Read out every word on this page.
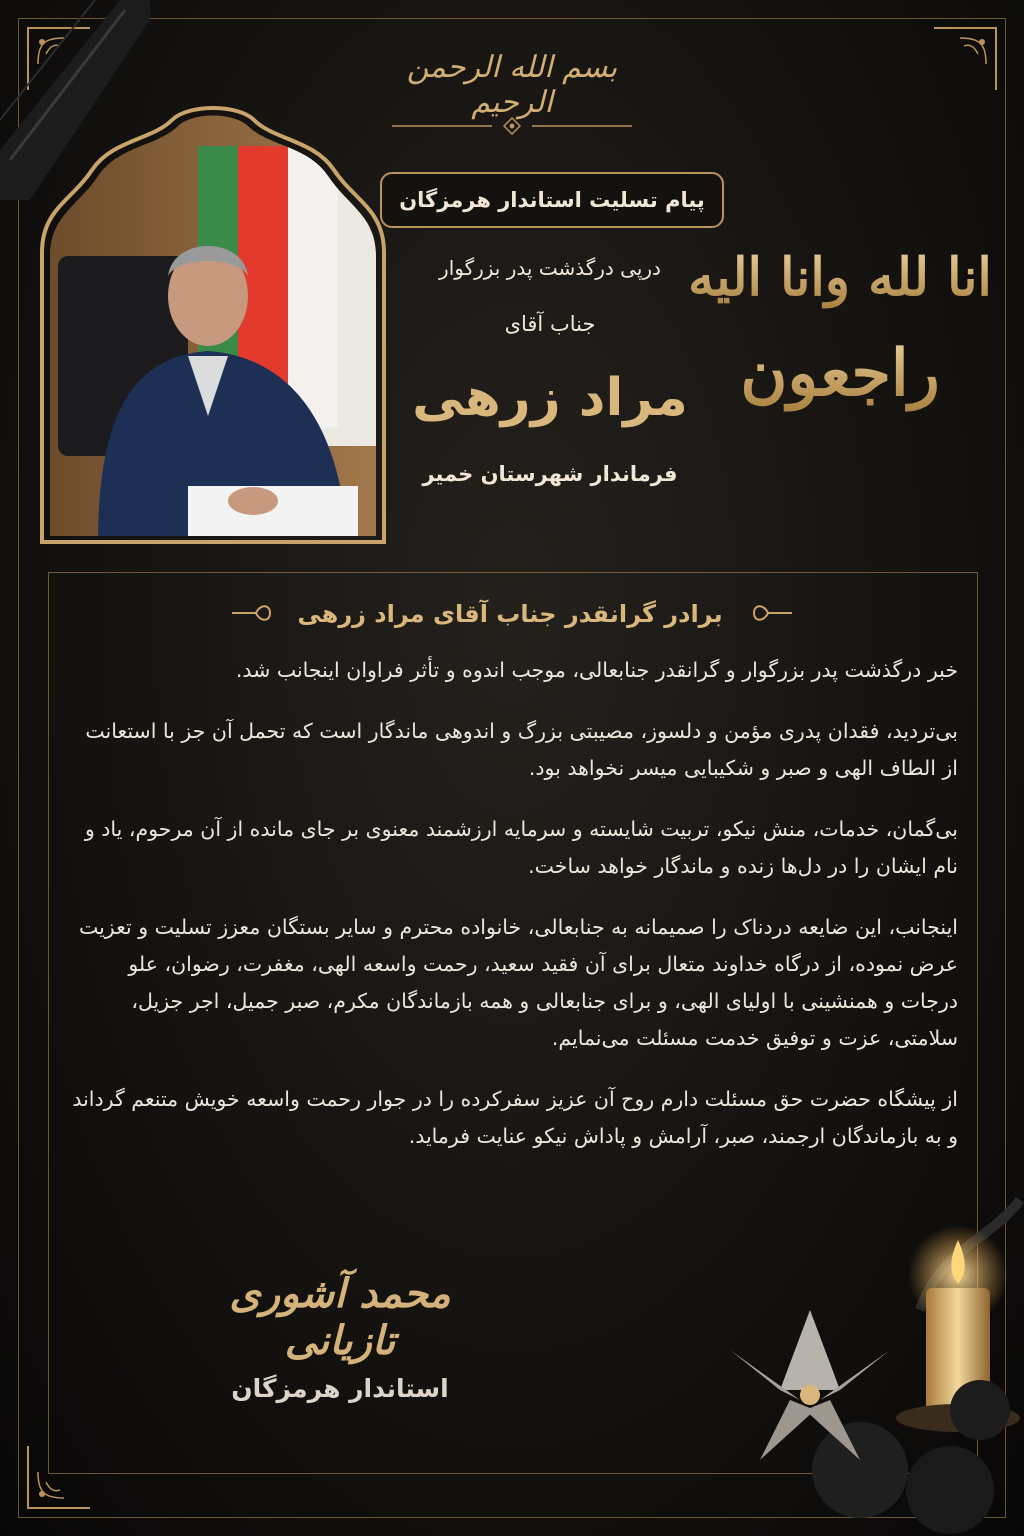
بسم الله الرحمن الرحیم
پیام تسلیت استاندار هرمزگان
درپی درگذشت پدر بزرگوار
جناب آقای
مراد زرهی
فرماندار شهرستان خمیر
انا لله وانا الیه
راجعون
برادر گرانقدر جناب آقای مراد زرهی

خبر درگذشت پدر بزرگوار و گرانقدر جنابعالی، موجب اندوه و تأثر فراوان اینجانب شد.

بی‌تردید، فقدان پدری مؤمن و دلسوز، مصیبتی بزرگ و اندوهی ماندگار است که تحمل آن جز با استعانت از الطاف الهی و صبر و شکیبایی میسر نخواهد بود.

بی‌گمان، خدمات، منش نیکو، تربیت شایسته و سرمایه ارزشمند معنوی بر جای مانده از آن مرحوم، یاد و نام ایشان را در دل‌ها زنده و ماندگار خواهد ساخت.

اینجانب، این ضایعه دردناک را صمیمانه به جنابعالی، خانواده محترم و سایر بستگان معزز تسلیت و تعزیت عرض نموده، از درگاه خداوند متعال برای آن فقید سعید، رحمت واسعه الهی، مغفرت، رضوان، علو درجات و همنشینی با اولیای الهی، و برای جنابعالی و همه بازماندگان مکرم، صبر جمیل، اجر جزیل، سلامتی، عزت و توفیق خدمت مسئلت می‌نمایم.

از پیشگاه حضرت حق مسئلت دارم روح آن عزیز سفرکرده را در جوار رحمت واسعه خویش متنعم گرداند و به بازماندگان ارجمند، صبر، آرامش و پاداش نیکو عنایت فرماید.

محمد آشوری تازیانی
استاندار هرمزگان
